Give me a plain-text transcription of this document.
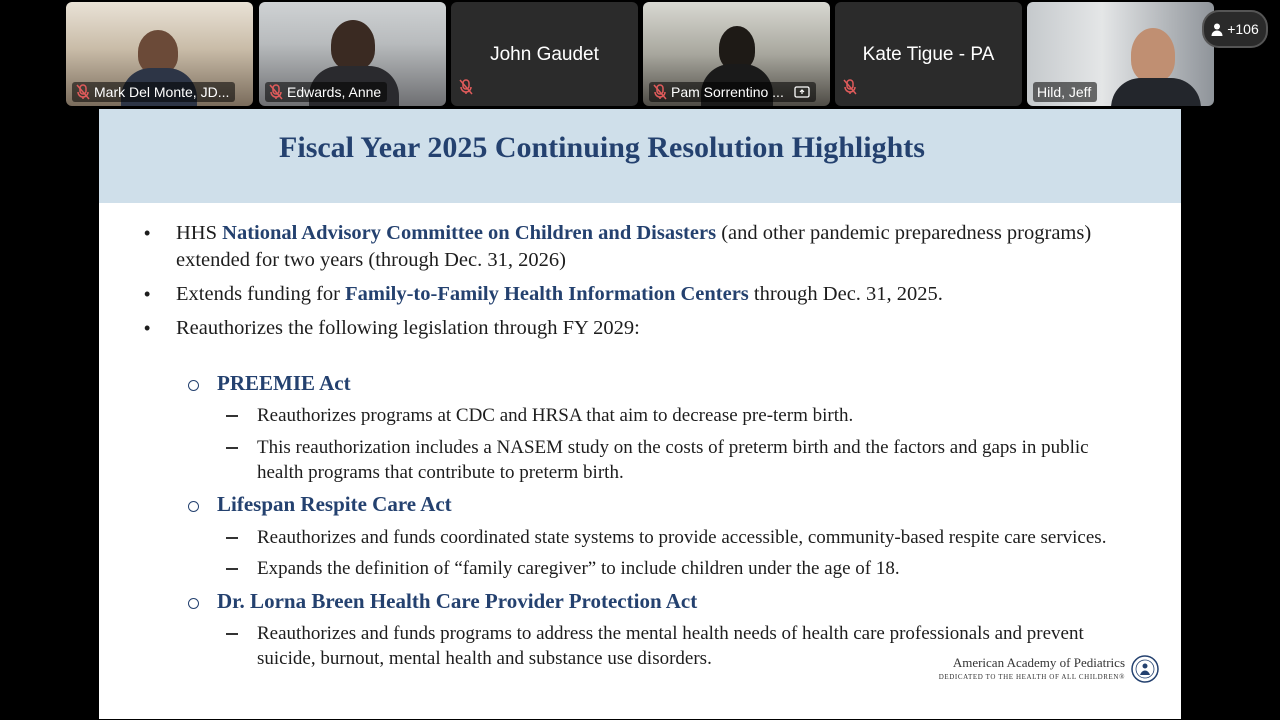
Mark Del Monte, JD...	Edwards, Anne
John Gaudet
Pam Sorrentino ...
Kate Tigue - PA
Hild, Jeff
+106
Fiscal Year 2025 Continuing Resolution Highlights
• HHS National Advisory Committee on Children and Disasters (and other pandemic preparedness programs)
extended for two years (through Dec. 31, 2026)
• Extends funding for Family-to-Family Health Information Centers through Dec. 31, 2025.
• Reauthorizes the following legislation through FY 2029:
PREEMIE Act
Reauthorizes programs at CDC and HRSA that aim to decrease pre-term birth.
This reauthorization includes a NASEM study on the costs of preterm birth and the factors and gaps in public
health programs that contribute to preterm birth.
Lifespan Respite Care Act
Reauthorizes and funds coordinated state systems to provide accessible, community-based respite care services.
Expands the definition of “family caregiver” to include children under the age of 18.
Dr. Lorna Breen Health Care Provider Protection Act
Reauthorizes and funds programs to address the mental health needs of health care professionals and prevent
suicide, burnout, mental health and substance use disorders.	American Academy of Pediatrics
DEDICATED TO THE HEALTH OF ALL CHILDREN®
